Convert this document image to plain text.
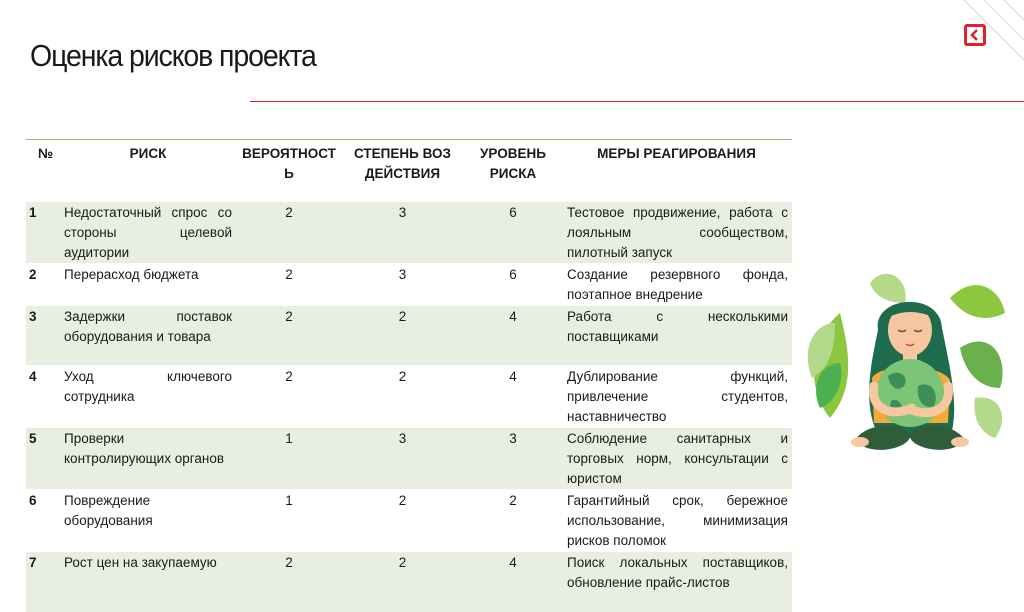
Оценка рисков проекта
№	РИСК	ВЕРОЯТНОСТЬ	СТЕПЕНЬ ВОЗДЕЙСТВИЯ	УРОВЕНЬ РИСКА	МЕРЫ РЕАГИРОВАНИЯ
1	Недостаточный спрос со стороны целевой аудитории	2	3	6	Тестовое продвижение, работа с лояльным сообществом, пилотный запуск
2	Перерасход бюджета	2	3	6	Создание резервного фонда, поэтапное внедрение
3	Задержки поставок оборудования и товара	2	2	4	Работа с несколькими поставщиками
4	Уход ключевого сотрудника	2	2	4	Дублирование функций, привлечение студентов, наставничество
5	Проверки контролирующих органов	1	3	3	Соблюдение санитарных и торговых норм, консультации с юристом
6	Повреждение оборудования	1	2	2	Гарантийный срок, бережное использование, минимизация рисков поломок
7	Рост цен на закупаемую	2	2	4	Поиск локальных поставщиков, обновление прайс-листов
